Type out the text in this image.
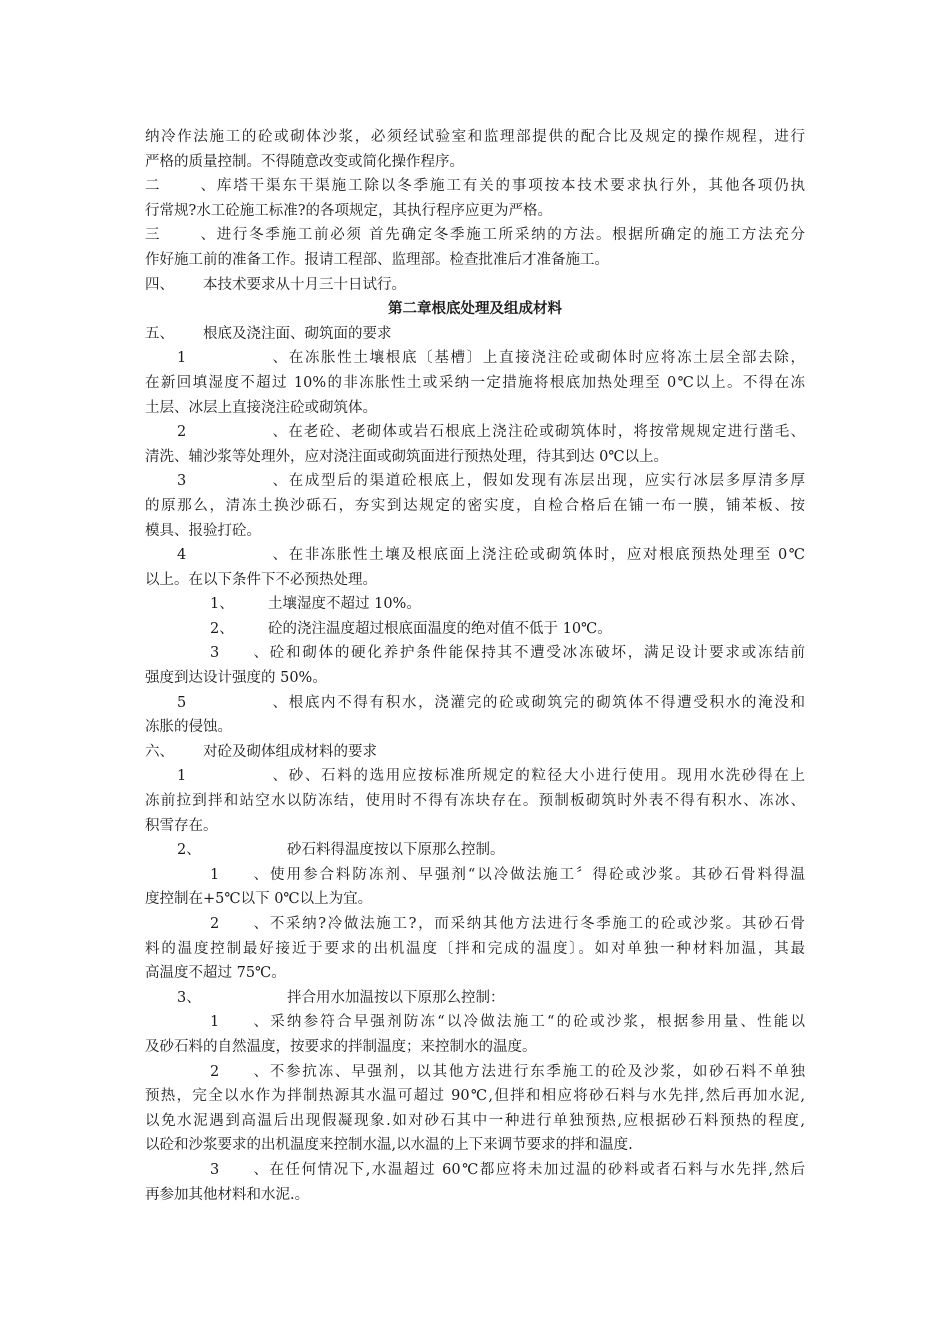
纳冷作法施工的砼或砌体沙浆，必须经试验室和监理部提供的配合比及规定的操作规程，进行
严格的质量控制。不得随意改变或简化操作程序。
二、库塔干渠东干渠施工除以冬季施工有关的事项按本技术要求执行外，其他各项仍执
行常规?水工砼施工标准?的各项规定，其执行程序应更为严格。
三、进行冬季施工前必须 首先确定冬季施工所采纳的方法。根据所确定的施工方法充分
作好施工前的准备工作。报请工程部、监理部。检查批准后才准备施工。
四、 本技术要求从十月三十日试行。
第二章根底处理及组成材料
五、 根底及浇注面、砌筑面的要求
1、在冻胀性土壤根底〔基槽〕上直接浇注砼或砌体时应将冻土层全部去除，
在新回填湿度不超过 10%的非冻胀性土或采纳一定措施将根底加热处理至 0℃以上。不得在冻
土层、冰层上直接浇注砼或砌筑体。
2、在老砼、老砌体或岩石根底上浇注砼或砌筑体时，将按常规规定进行凿毛、
清洗、辅沙浆等处理外，应对浇注面或砌筑面进行预热处理，待其到达 0℃以上。
3、在成型后的渠道砼根底上，假如发现有冻层出现，应实行冰层多厚清多厚
的原那么，清冻土换沙砾石，夯实到达规定的密实度，自检合格后在铺一布一膜，铺苯板、按
模具、报验打砼。
4、在非冻胀性土壤及根底面上浇注砼或砌筑体时，应对根底预热处理至 0℃
以上。在以下条件下不必预热处理。
1、 土壤湿度不超过 10%。
2、 砼的浇注温度超过根底面温度的绝对值不低于 10℃。
3、砼和砌体的硬化养护条件能保持其不遭受冰冻破坏，满足设计要求或冻结前
强度到达设计强度的 50%。
5、根底内不得有积水，浇灌完的砼或砌筑完的砌筑体不得遭受积水的淹没和
冻胀的侵蚀。
六、 对砼及砌体组成材料的要求
1、砂、石料的选用应按标准所规定的粒径大小进行使用。现用水洗砂得在上
冻前拉到拌和站空水以防冻结，使用时不得有冻块存在。预制板砌筑时外表不得有积水、冻冰、
积雪存在。
2、	砂石料得温度按以下原那么控制。
1、使用参合料防冻剂、早强剂“以冷做法施工〞得砼或沙浆。其砂石骨料得温
度控制在+5℃以下 0℃以上为宜。
2、不采纳?冷做法施工?，而采纳其他方法进行冬季施工的砼或沙浆。其砂石骨
料的温度控制最好接近于要求的出机温度〔拌和完成的温度〕。如对单独一种材料加温，其最
高温度不超过 75℃。
3、	拌合用水加温按以下原那么控制：
1、采纳参符合早强剂防冻“以冷做法施工“的砼或沙浆，根据参用量、性能以
及砂石料的自然温度，按要求的拌制温度；来控制水的温度。
2、不参抗冻、早强剂，以其他方法进行东季施工的砼及沙浆，如砂石料不单独
预热，完全以水作为拌制热源其水温可超过 90℃,但拌和相应将砂石料与水先拌,然后再加水泥,
以免水泥遇到高温后出现假凝现象.如对砂石其中一种进行单独预热,应根据砂石料预热的程度,
以砼和沙浆要求的出机温度来控制水温,以水温的上下来调节要求的拌和温度.
3、在任何情况下,水温超过 60℃都应将未加过温的砂料或者石料与水先拌,然后
再参加其他材料和水泥.。
